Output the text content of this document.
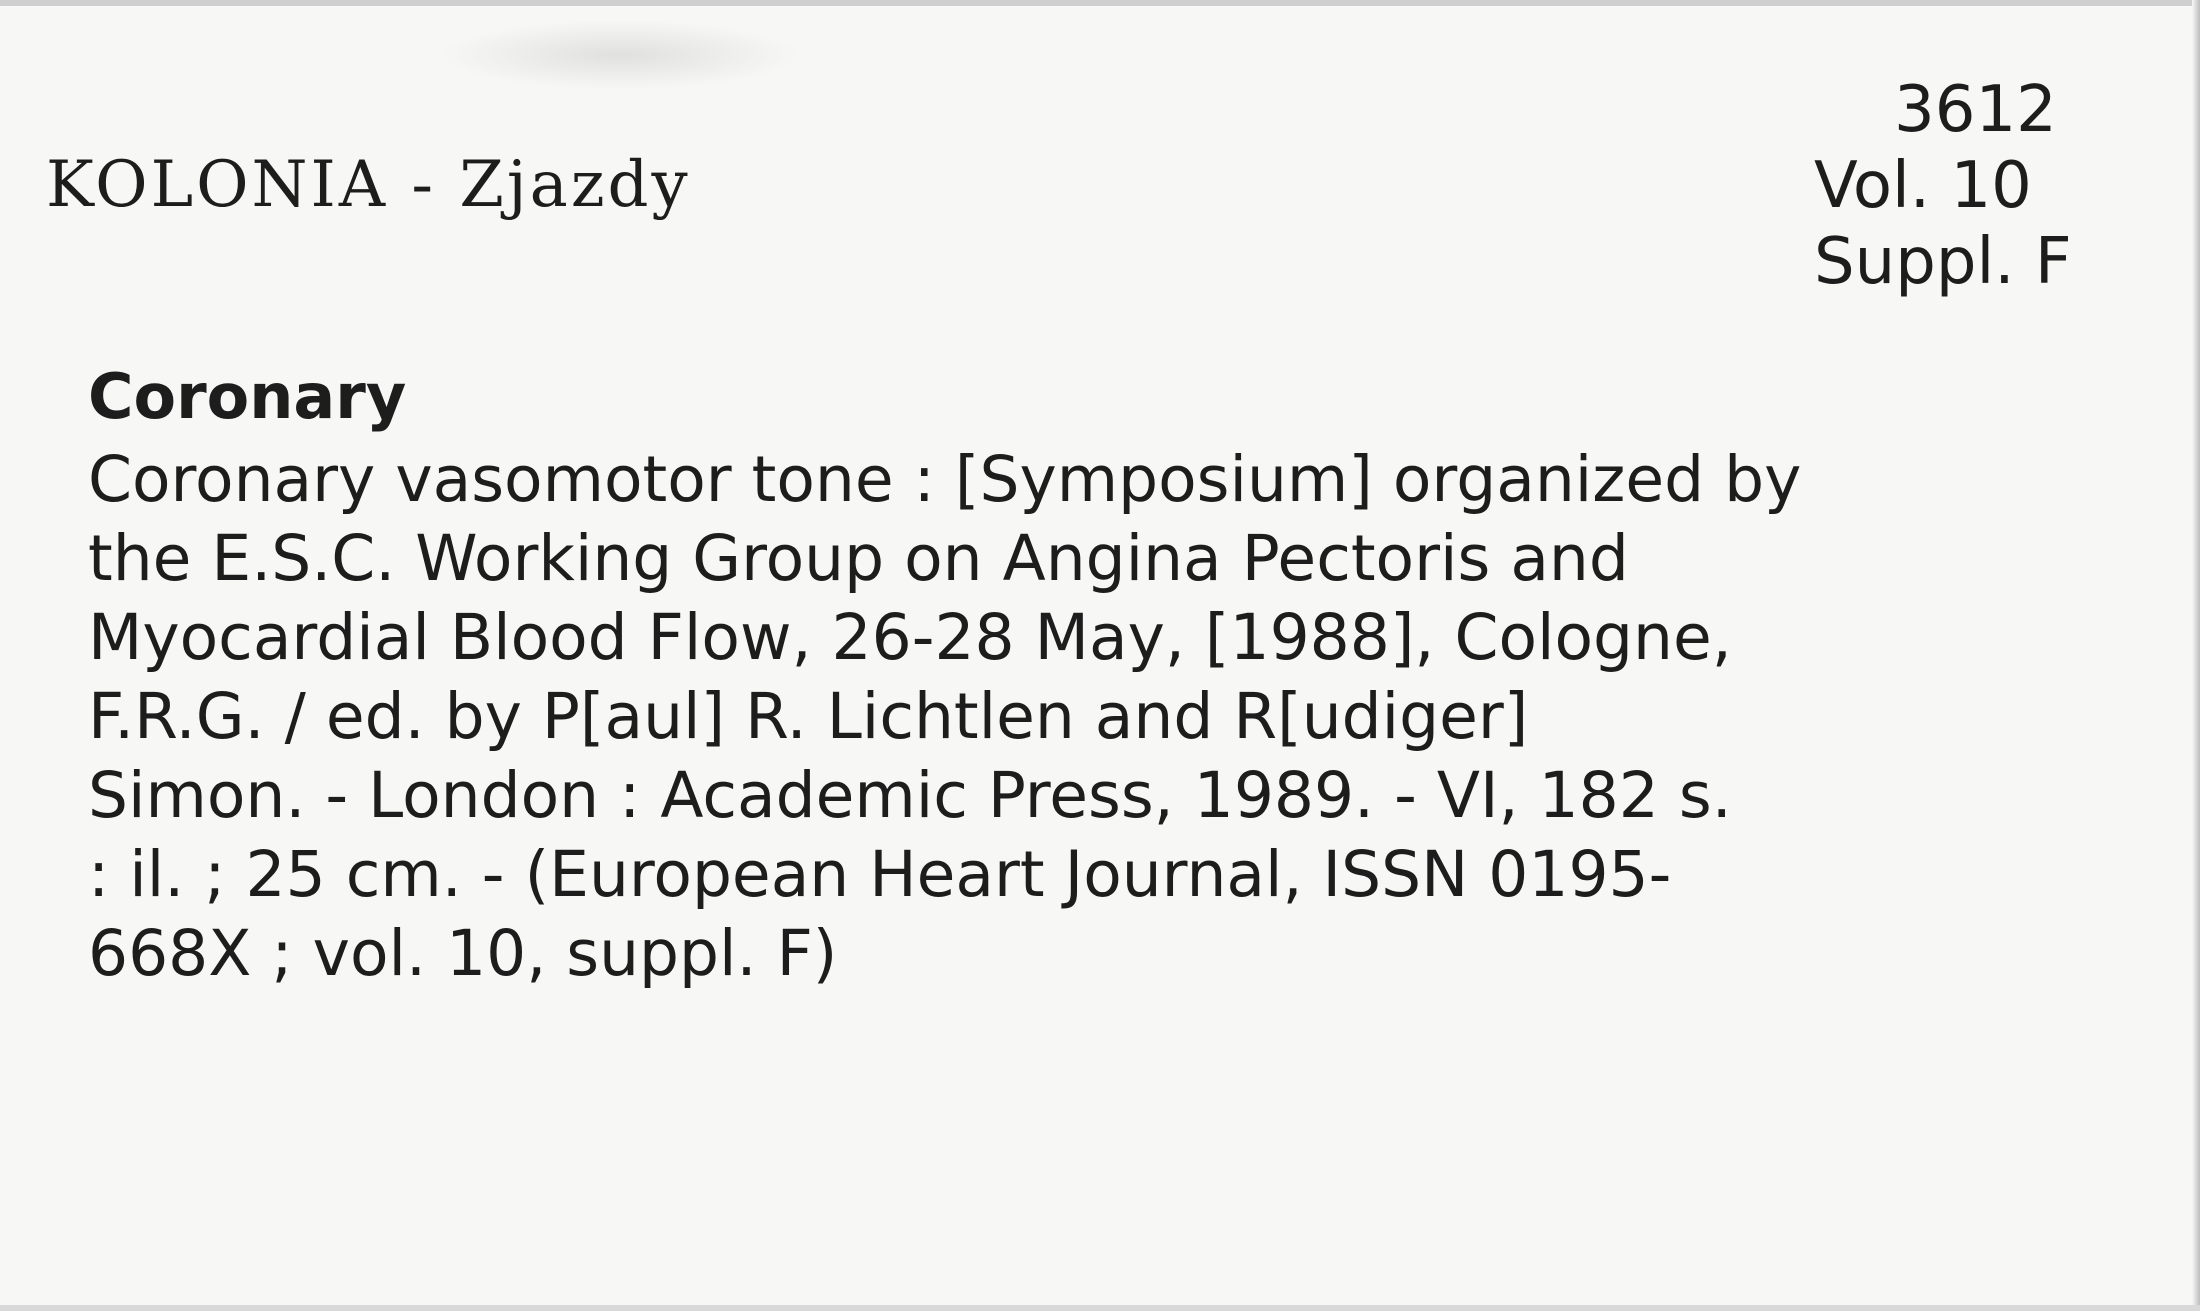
KOLONIA - Zjazdy
3612
Vol. 10
Suppl. F
Coronary
Coronary vasomotor tone : [Symposium] organized by
the E.S.C. Working Group on Angina Pectoris and
Myocardial Blood Flow, 26-28 May, [1988], Cologne,
F.R.G. / ed. by P[aul] R. Lichtlen and R[udiger]
Simon. - London : Academic Press, 1989. - VI, 182 s.
: il. ; 25 cm. - (European Heart Journal, ISSN 0195-
668X ; vol. 10, suppl. F)
